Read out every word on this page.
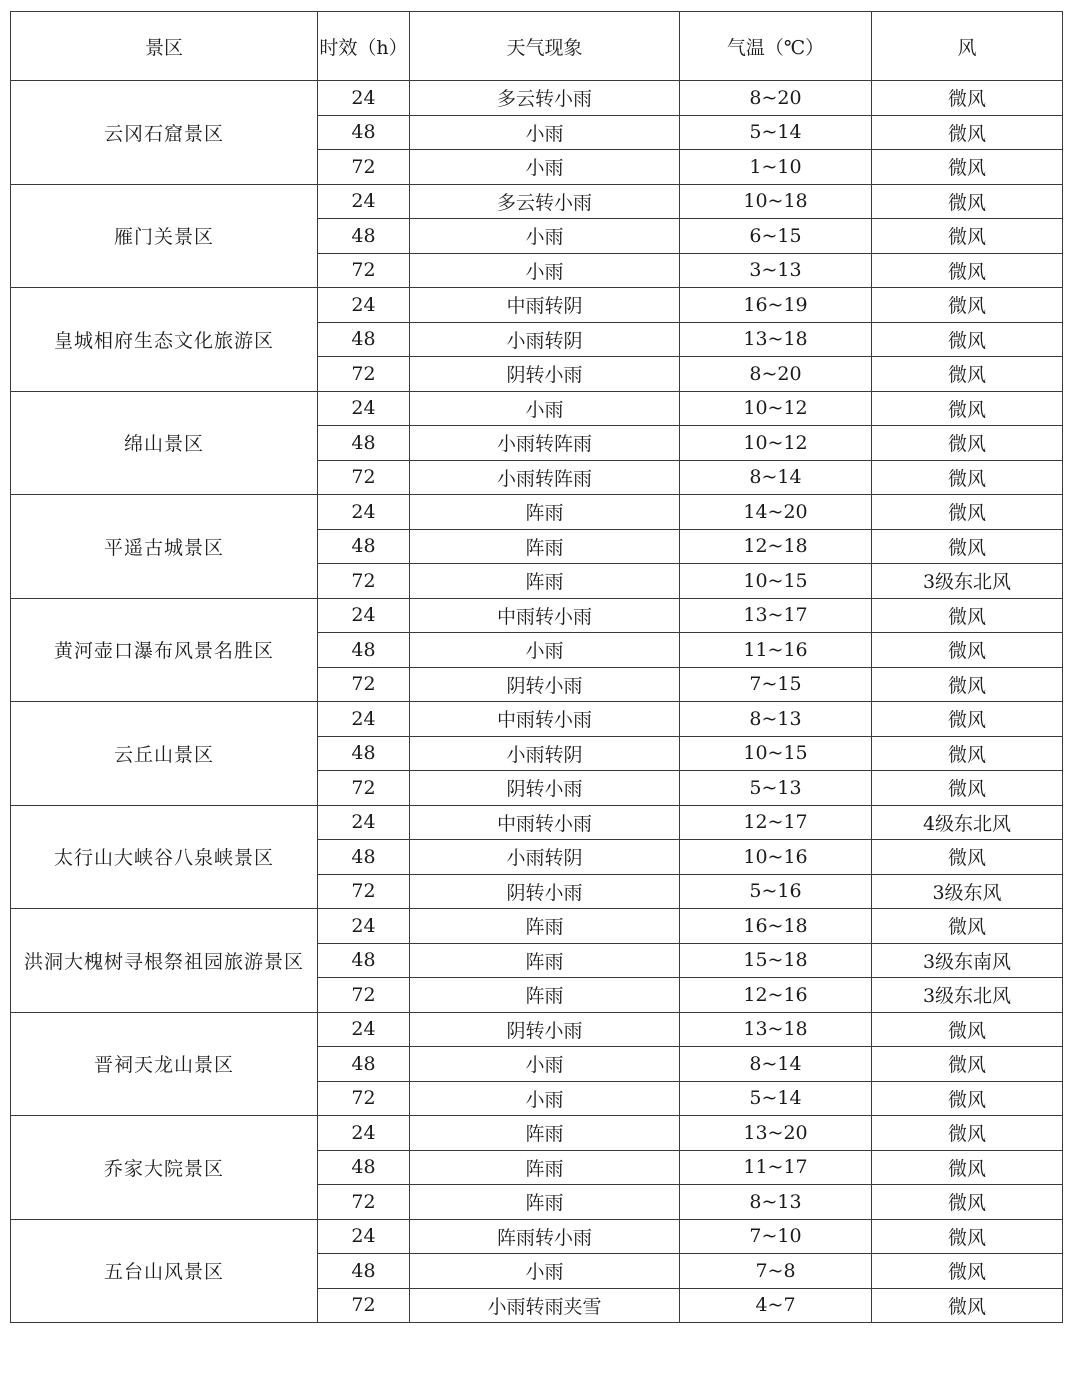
景区	时效（h）	天气现象	气温（℃）	风
云冈石窟景区	24	多云转小雨	8~20	微风
	48	小雨	5~14	微风
	72	小雨	1~10	微风
雁门关景区	24	多云转小雨	10~18	微风
	48	小雨	6~15	微风
	72	小雨	3~13	微风
皇城相府生态文化旅游区	24	中雨转阴	16~19	微风
	48	小雨转阴	13~18	微风
	72	阴转小雨	8~20	微风
绵山景区	24	小雨	10~12	微风
	48	小雨转阵雨	10~12	微风
	72	小雨转阵雨	8~14	微风
平遥古城景区	24	阵雨	14~20	微风
	48	阵雨	12~18	微风
	72	阵雨	10~15	3级东北风
黄河壶口瀑布风景名胜区	24	中雨转小雨	13~17	微风
	48	小雨	11~16	微风
	72	阴转小雨	7~15	微风
云丘山景区	24	中雨转小雨	8~13	微风
	48	小雨转阴	10~15	微风
	72	阴转小雨	5~13	微风
太行山大峡谷八泉峡景区	24	中雨转小雨	12~17	4级东北风
	48	小雨转阴	10~16	微风
	72	阴转小雨	5~16	3级东风
洪洞大槐树寻根祭祖园旅游景区	24	阵雨	16~18	微风
	48	阵雨	15~18	3级东南风
	72	阵雨	12~16	3级东北风
晋祠天龙山景区	24	阴转小雨	13~18	微风
	48	小雨	8~14	微风
	72	小雨	5~14	微风
乔家大院景区	24	阵雨	13~20	微风
	48	阵雨	11~17	微风
	72	阵雨	8~13	微风
五台山风景区	24	阵雨转小雨	7~10	微风
	48	小雨	7~8	微风
	72	小雨转雨夹雪	4~7	微风
